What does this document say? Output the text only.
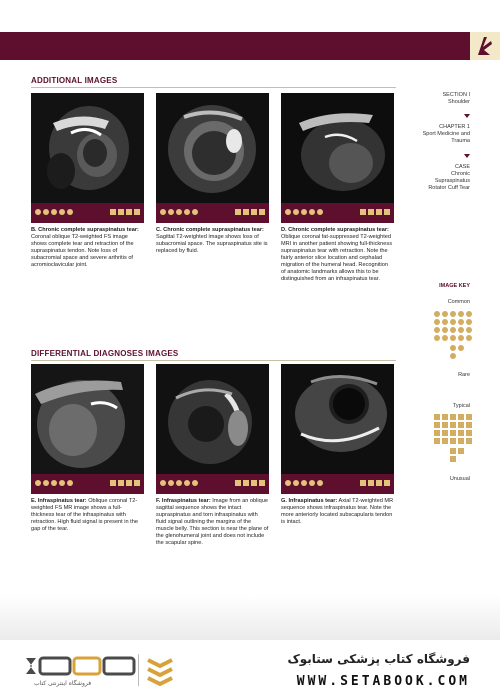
ADDITIONAL IMAGES
B. Chronic complete supraspinatus tear: Coronal oblique T2-weighted FS image shows complete tear and retraction of the supraspinatus tendon. Note loss of subacromial space and severe arthritis of acromioclavicular joint.
C. Chronic complete supraspinatus tear: Sagittal T2-weighted image shows loss of subacromial space. The supraspinatus site is replaced by fluid.
D. Chronic complete supraspinatus tear: Oblique coronal fat-suppressed T2-weighted MRI in another patient showing full-thickness supraspinatus tear with retraction. Note the fairly anterior slice location and cephalad migration of the humeral head. Recognition of anatomic landmarks allows this to be distinguished from an infraspinatus tear.
DIFFERENTIAL DIAGNOSES IMAGES
E. Infraspinatus tear: Oblique coronal T2-weighted FS MR image shows a full-thickness tear of the infraspinatus with retraction. High fluid signal is present in the gap of the tear.
F. Infraspinatus tear: Image from an oblique sagittal sequence shows the intact supraspinatus and torn infraspinatus with fluid signal outlining the margins of the muscle belly. This section is near the plane of the glenohumeral joint and does not include the scapular spine.
G. Infraspinatus tear: Axial T2-weighted MR sequence shows infraspinatus tear. Note the more anteriorly located subscapularis tendon is intact.
SECTION I
Shoulder
CHAPTER 1
Sport Medicine and Trauma
CASE
Chronic Supraspinatus Rotator Cuff Tear
IMAGE KEY
Common
Rare
Typical
Unusual
فروشگاه اینترنتی کتاب
فروشگاه کتاب پزشکی ستابوک
WWW.SETABOOK.COM
